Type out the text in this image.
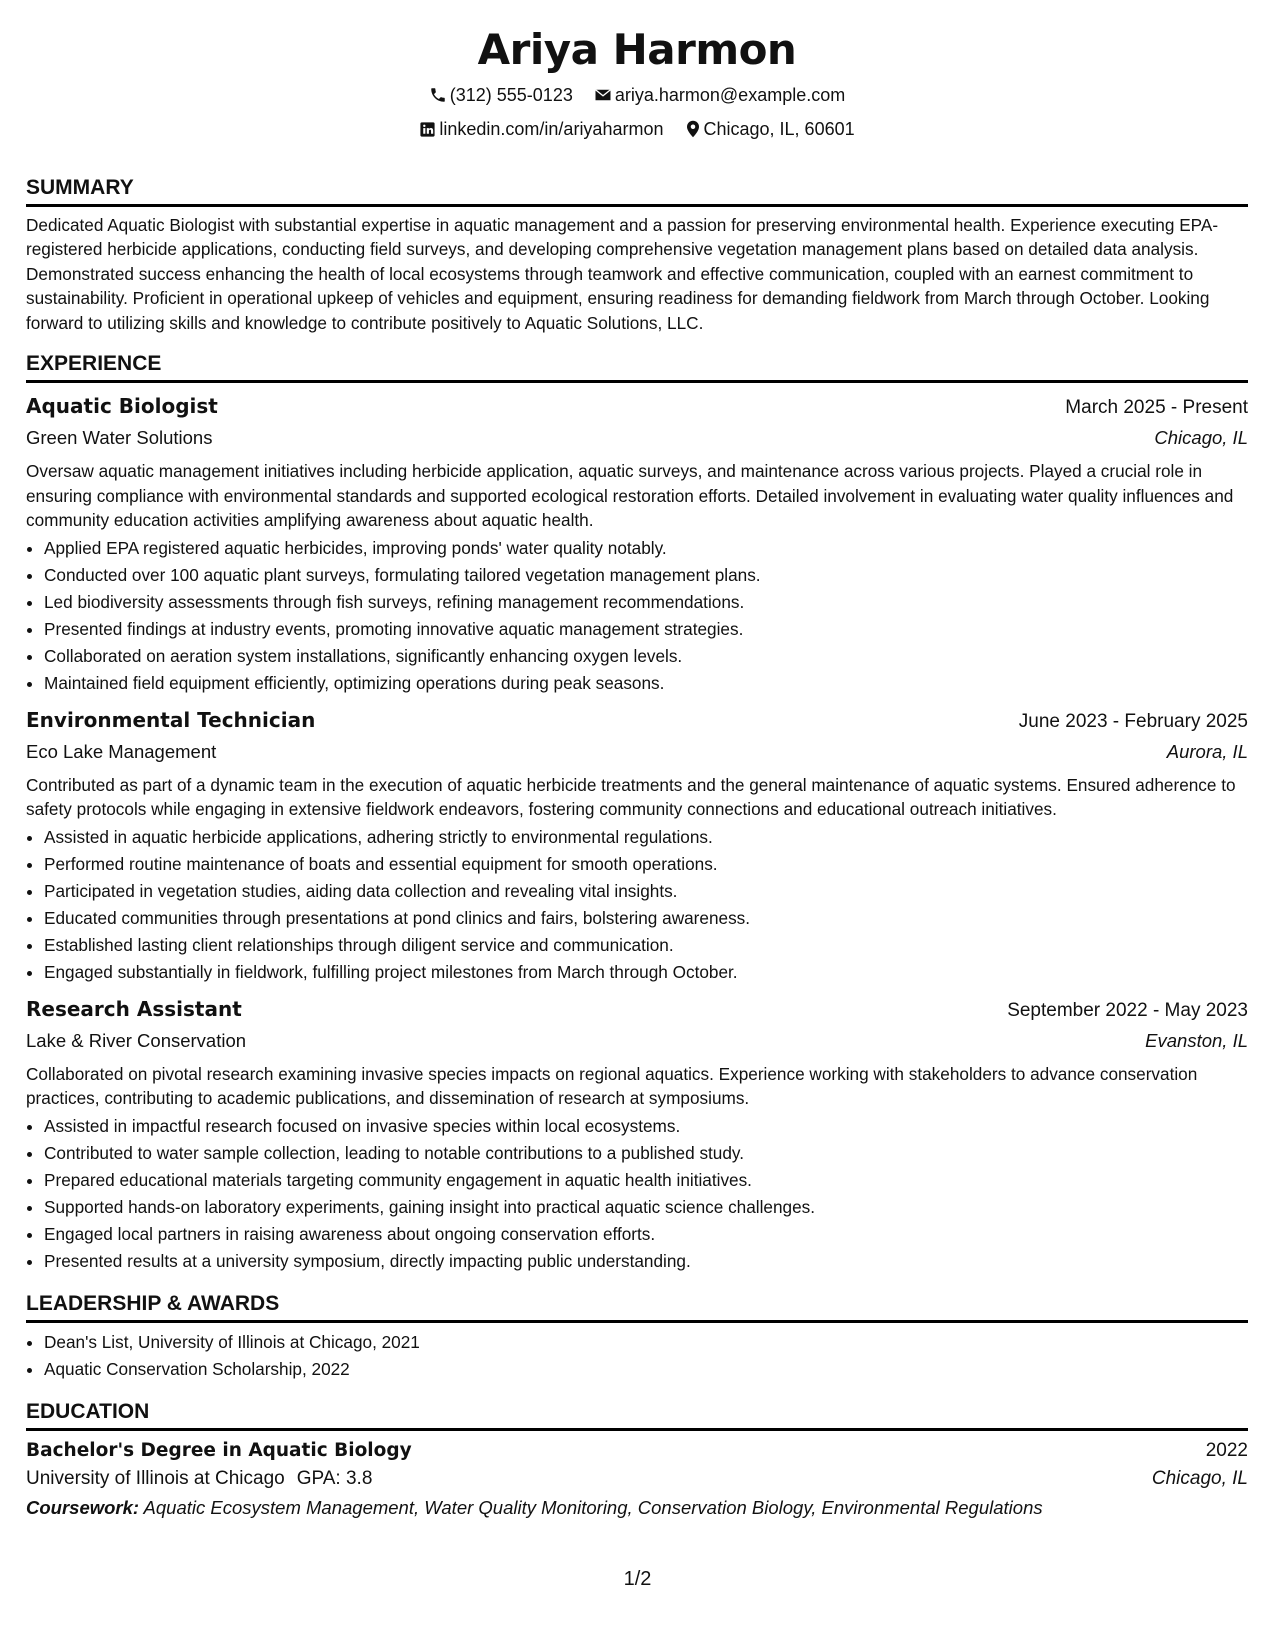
Ariya Harmon
(312) 555-0123 ariya.harmon@example.com
linkedin.com/in/ariyaharmon Chicago, IL, 60601
SUMMARY

Dedicated Aquatic Biologist with substantial expertise in aquatic management and a passion for preserving environmental health. Experience executing EPA-registered herbicide applications, conducting field surveys, and developing comprehensive vegetation management plans based on detailed data analysis. Demonstrated success enhancing the health of local ecosystems through teamwork and effective communication, coupled with an earnest commitment to sustainability. Proficient in operational upkeep of vehicles and equipment, ensuring readiness for demanding fieldwork from March through October. Looking forward to utilizing skills and knowledge to contribute positively to Aquatic Solutions, LLC.

EXPERIENCE
Aquatic Biologist	March 2025 - Present
Green Water Solutions	Chicago, IL

Oversaw aquatic management initiatives including herbicide application, aquatic surveys, and maintenance across various projects. Played a crucial role in ensuring compliance with environmental standards and supported ecological restoration efforts. Detailed involvement in evaluating water quality influences and community education activities amplifying awareness about aquatic health.

• Applied EPA registered aquatic herbicides, improving ponds' water quality notably.
• Conducted over 100 aquatic plant surveys, formulating tailored vegetation management plans.
• Led biodiversity assessments through fish surveys, refining management recommendations.
• Presented findings at industry events, promoting innovative aquatic management strategies.
• Collaborated on aeration system installations, significantly enhancing oxygen levels.
• Maintained field equipment efficiently, optimizing operations during peak seasons.
Environmental Technician	June 2023 - February 2025
Eco Lake Management	Aurora, IL

Contributed as part of a dynamic team in the execution of aquatic herbicide treatments and the general maintenance of aquatic systems. Ensured adherence to safety protocols while engaging in extensive fieldwork endeavors, fostering community connections and educational outreach initiatives.

• Assisted in aquatic herbicide applications, adhering strictly to environmental regulations.
• Performed routine maintenance of boats and essential equipment for smooth operations.
• Participated in vegetation studies, aiding data collection and revealing vital insights.
• Educated communities through presentations at pond clinics and fairs, bolstering awareness.
• Established lasting client relationships through diligent service and communication.
• Engaged substantially in fieldwork, fulfilling project milestones from March through October.
Research Assistant	September 2022 - May 2023
Lake & River Conservation	Evanston, IL

Collaborated on pivotal research examining invasive species impacts on regional aquatics. Experience working with stakeholders to advance conservation practices, contributing to academic publications, and dissemination of research at symposiums.

• Assisted in impactful research focused on invasive species within local ecosystems.
• Contributed to water sample collection, leading to notable contributions to a published study.
• Prepared educational materials targeting community engagement in aquatic health initiatives.
• Supported hands-on laboratory experiments, gaining insight into practical aquatic science challenges.
• Engaged local partners in raising awareness about ongoing conservation efforts.
• Presented results at a university symposium, directly impacting public understanding.
LEADERSHIP & AWARDS
• Dean's List, University of Illinois at Chicago, 2021
• Aquatic Conservation Scholarship, 2022
EDUCATION
Bachelor's Degree in Aquatic Biology	2022
University of Illinois at Chicago GPA: 3.8	Chicago, IL
Coursework: Aquatic Ecosystem Management, Water Quality Monitoring, Conservation Biology, Environmental Regulations
1/2
